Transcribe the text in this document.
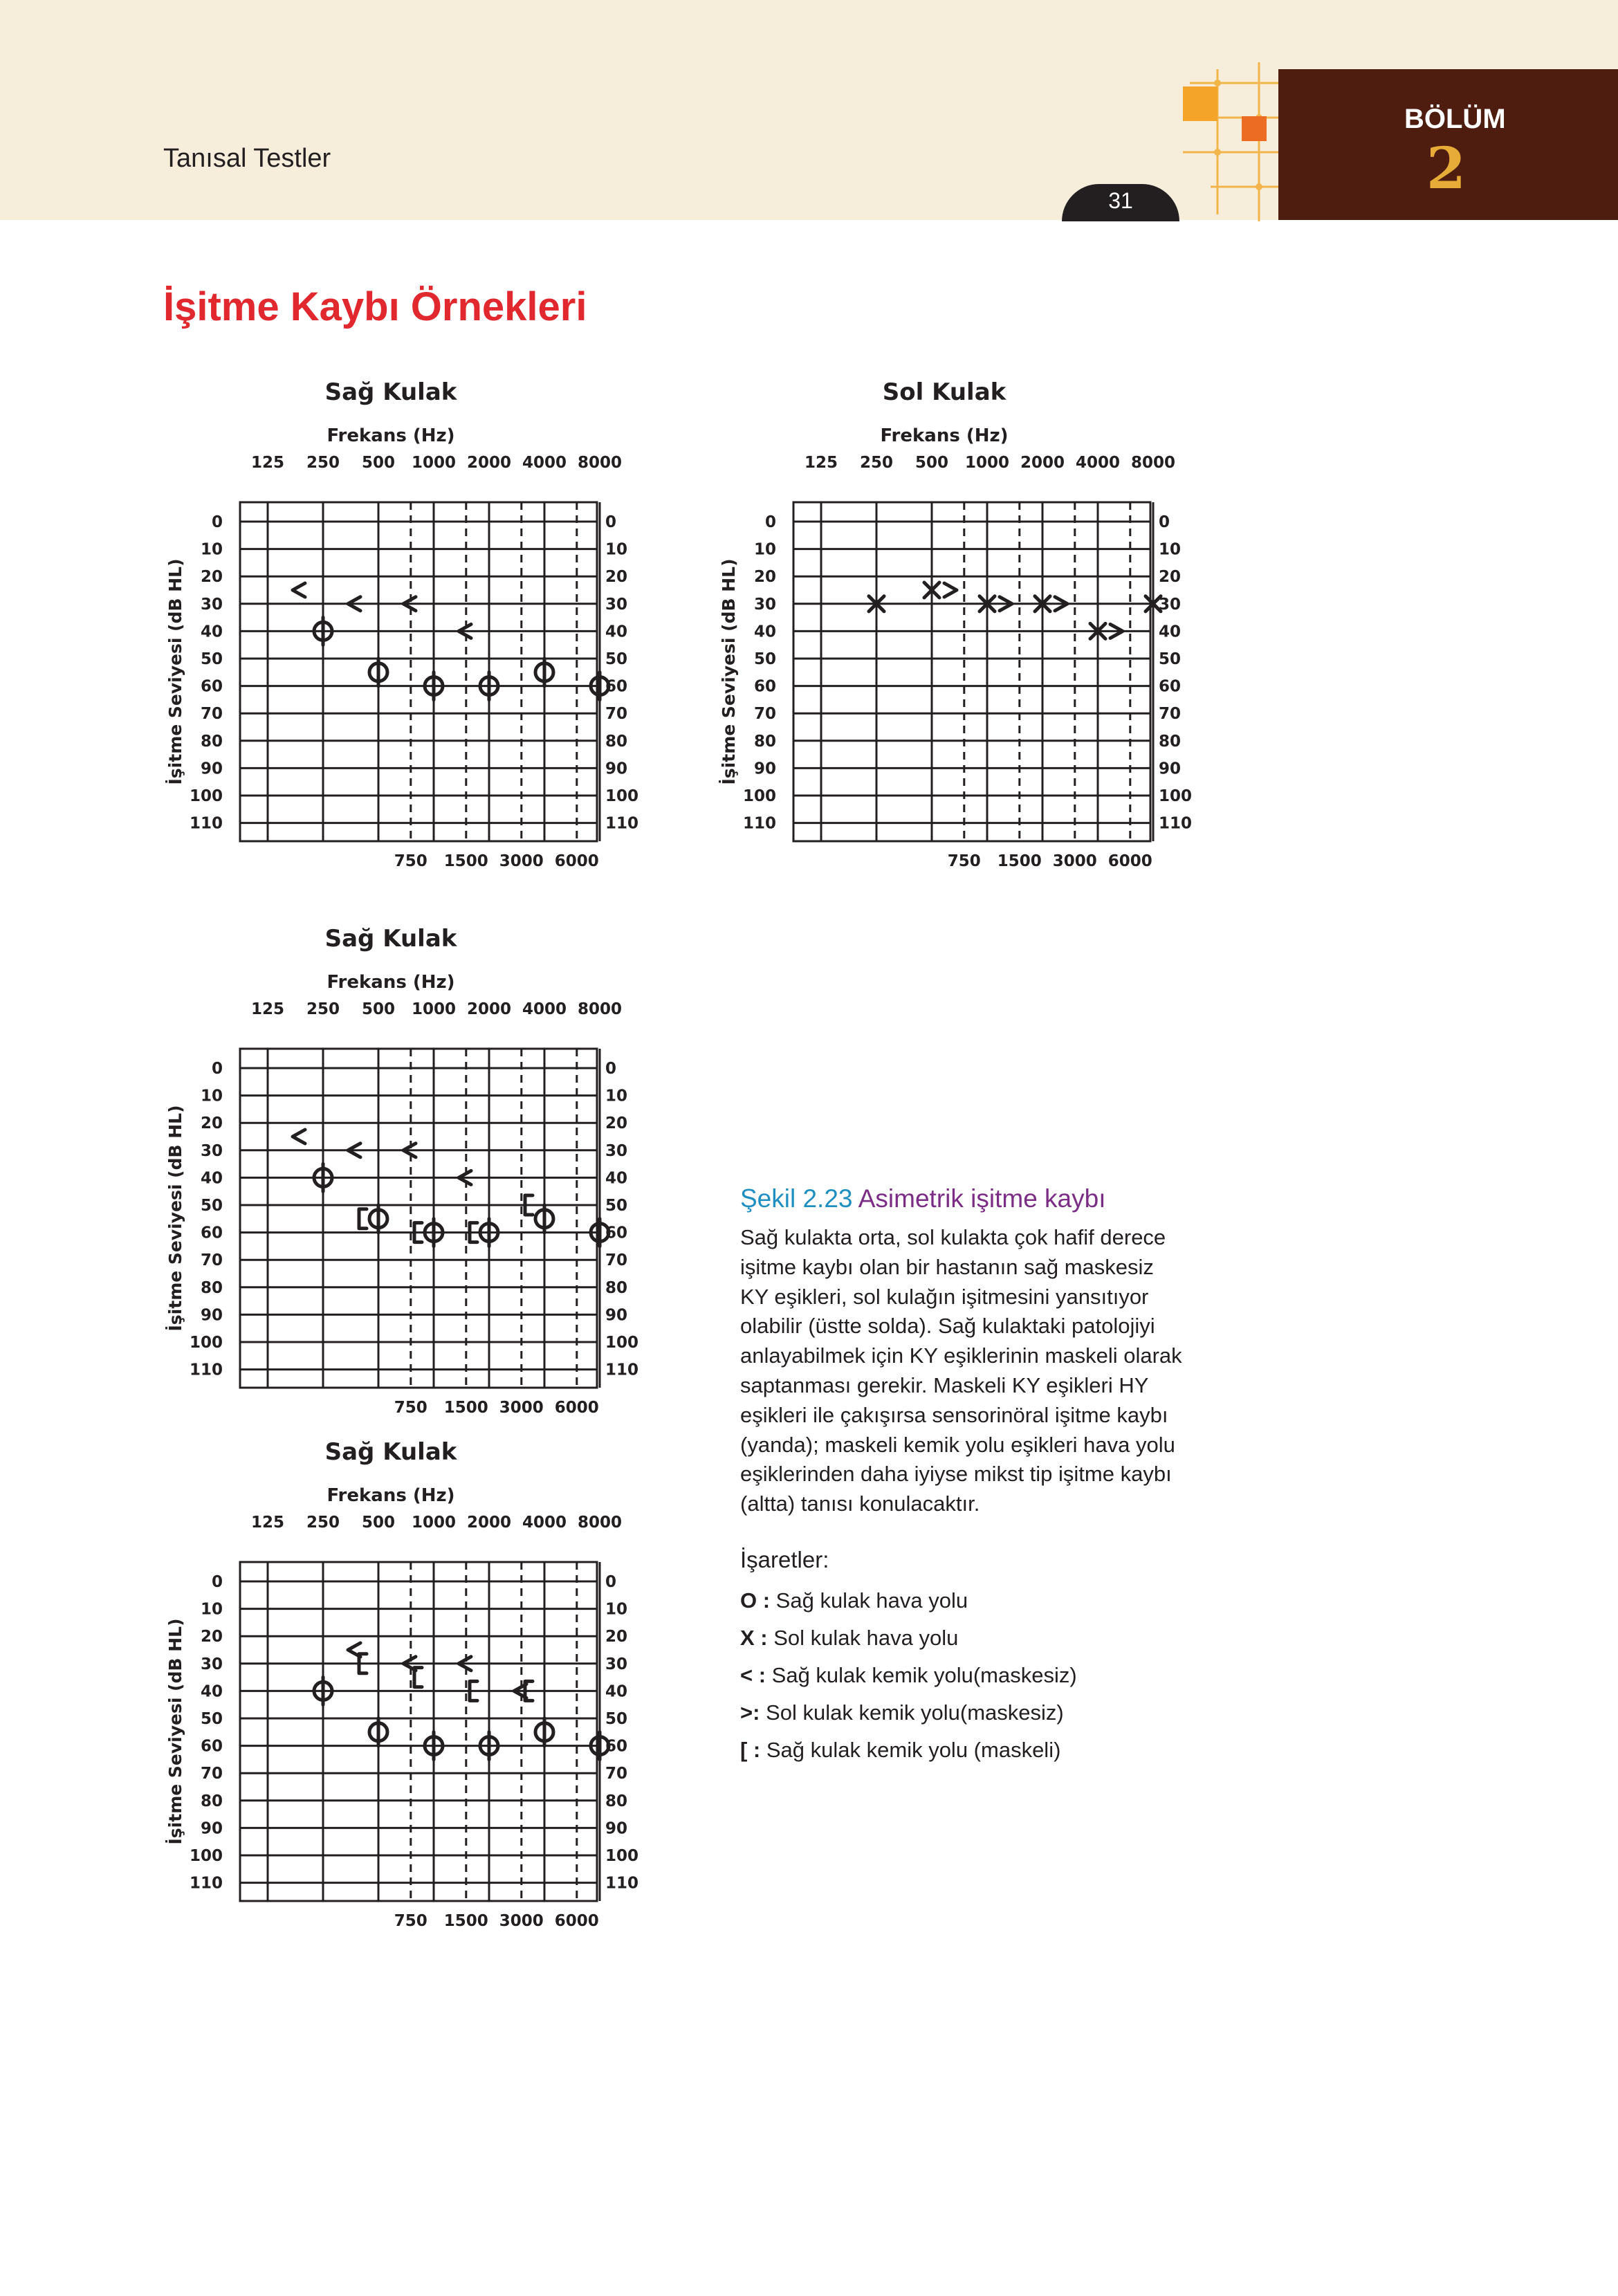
Tanısal Testler
BÖLÜM
2
31
İşitme Kaybı Örnekleri
Sağ Kulak
Frekans (Hz)
125 250 500 1000 2000 4000 8000
750 1500 3000 6000
0	0
10	10
20	20
30	30
40	40
50	50
60	60
70	70
80	80
90	90
100	100
110	110
İşitme Seviyesi (dB HL)
Sol Kulak
Frekans (Hz)
125 250 500 1000 2000 4000 8000
750 1500 3000 6000
0	0
10	10
20	20
30	30
40	40
50	50
60	60
70	70
80	80
90	90
100	100
110	110
İşitme Seviyesi (dB HL)
Sağ Kulak
Frekans (Hz)
125 250 500 1000 2000 4000 8000
750 1500 3000 6000
0	0
10	10
20	20
30	30
40	40
50	50
60	60
70	70
80	80
90	90
100	100
110	110
İşitme Seviyesi (dB HL)
Sağ Kulak
Frekans (Hz)
125 250 500 1000 2000 4000 8000
750 1500 3000 6000
0	0
10	10
20	20
30	30
40	40
50	50
60	60
70	70
80	80
90	90
100	100
110	110
İşitme Seviyesi (dB HL)
Şekil 2.23 Asimetrik işitme kaybı
Sağ kulakta orta, sol kulakta çok hafif derece
işitme kaybı olan bir hastanın sağ maskesiz
KY eşikleri, sol kulağın işitmesini yansıtıyor
olabilir (üstte solda). Sağ kulaktaki patolojiyi
anlayabilmek için KY eşiklerinin maskeli olarak
saptanması gerekir. Maskeli KY eşikleri HY
eşikleri ile çakışırsa sensorinöral işitme kaybı
(yanda); maskeli kemik yolu eşikleri hava yolu
eşiklerinden daha iyiyse mikst tip işitme kaybı
(altta) tanısı konulacaktır.
İşaretler:
O : Sağ kulak hava yolu
X : Sol kulak hava yolu
< : Sağ kulak kemik yolu(maskesiz)
>: Sol kulak kemik yolu(maskesiz)
[ : Sağ kulak kemik yolu (maskeli)
